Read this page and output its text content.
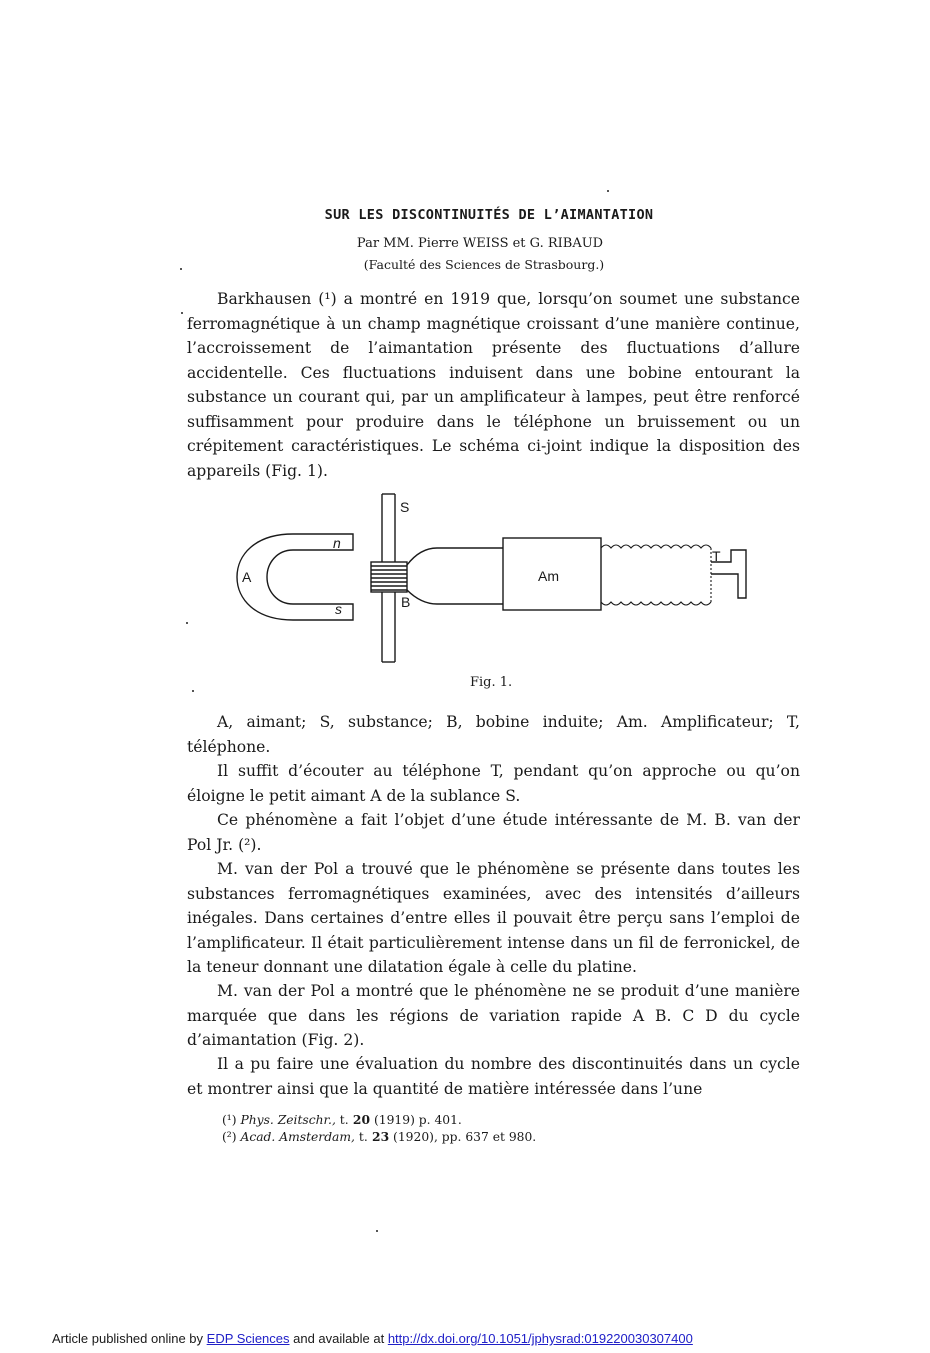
SUR LES DISCONTINUITÉS DE L’AIMANTATION
Par MM. Pierre WEISS et G. RIBAUD
(Faculté des Sciences de Strasbourg.)

Barkhausen (¹) a montré en 1919 que, lorsqu’on soumet une substance ferromagnétique à un champ magnétique croissant d’une manière continue, l’accroissement de l’aimantation présente des fluctuations d’allure accidentelle. Ces fluctuations induisent dans une bobine entourant la substance un courant qui, par un amplificateur à lampes, peut être renforcé suffisamment pour produire dans le téléphone un bruissement ou un crépitement caractéristiques. Le schéma ci-joint indique la disposition des appareils (Fig. 1).

A
n
s
S
B
Am
T
Fig. 1.

A, aimant; S, substance; B, bobine induite; Am. Amplificateur; T, téléphone.

Il suffit d’écouter au téléphone T, pendant qu’on approche ou qu’on éloigne le petit aimant A de la sublance S.

Ce phénomène a fait l’objet d’une étude intéressante de M. B. van der Pol Jr. (²).

M. van der Pol a trouvé que le phénomène se présente dans toutes les substances ferromagnétiques examinées, avec des intensités d’ailleurs inégales. Dans certaines d’entre elles il pouvait être perçu sans l’emploi de l’amplificateur. Il était particulièrement intense dans un fil de ferronickel, de la teneur donnant une dilatation égale à celle du platine.

M. van der Pol a montré que le phénomène ne se produit d’une manière marquée que dans les régions de variation rapide A B. C D du cycle d’aimantation (Fig. 2).

Il a pu faire une évaluation du nombre des discontinuités dans un cycle et montrer ainsi que la quantité de matière intéressée dans l’une

(¹) Phys. Zeitschr., t. 20 (1919) p. 401.
(²) Acad. Amsterdam, t. 23 (1920), pp. 637 et 980.
Article published online by EDP Sciences and available at http://dx.doi.org/10.1051/jphysrad:019220030307400
